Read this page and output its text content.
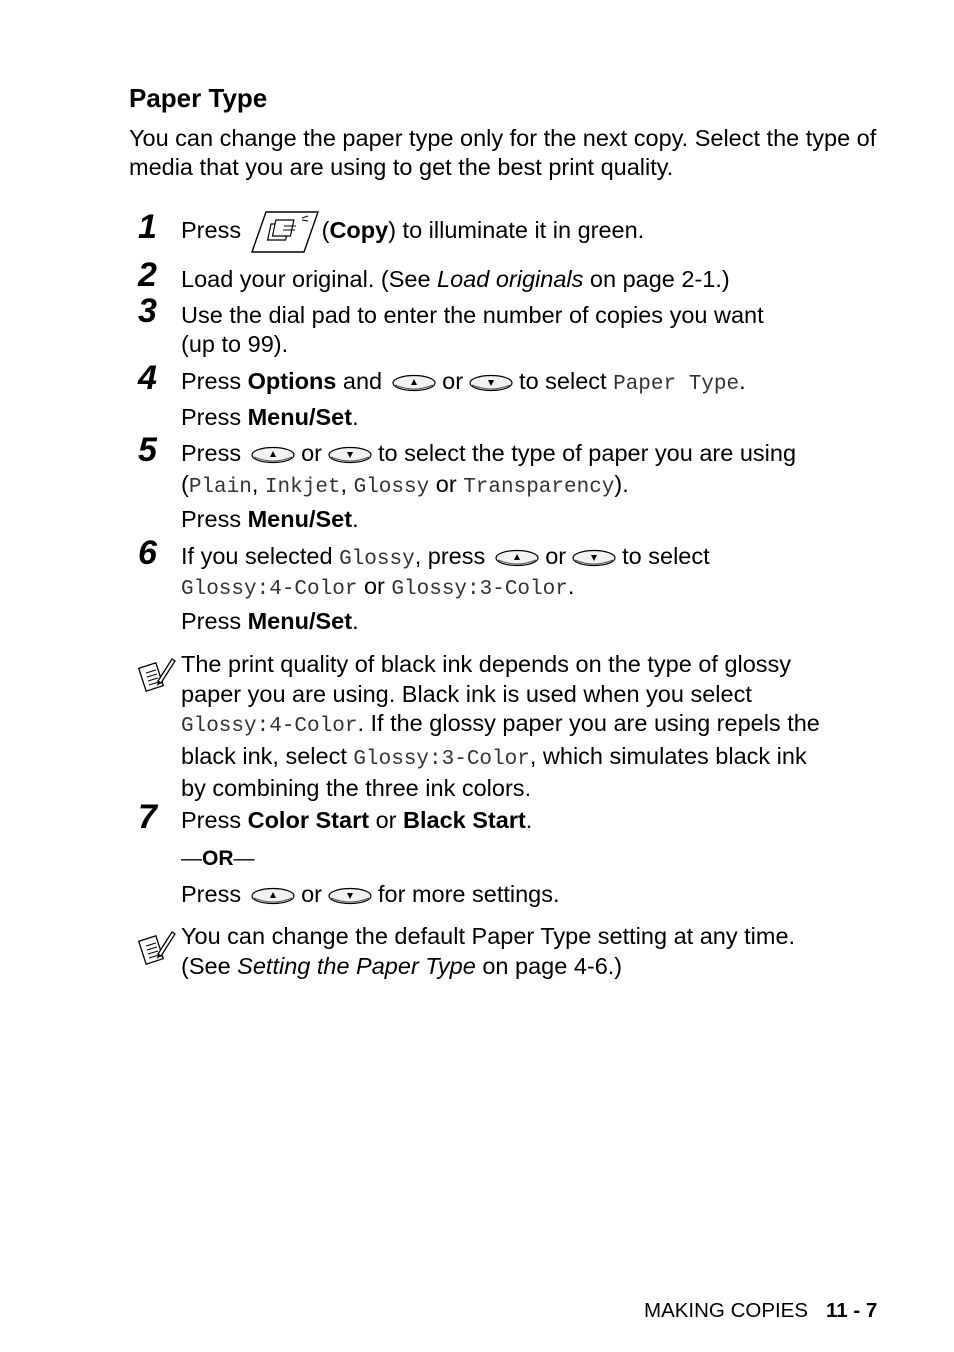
Paper Type
You can change the paper type only for the next copy. Select the type of media that you are using to get the best print quality.
1 Press	(Copy) to illuminate it in green.
2 Load your original. (See Load originals on page 2-1.)
3 Use the dial pad to enter the number of copies you want
(up to 99).
4 Press Options and	or to select Paper Type.
Press Menu/Set.
5 Press	or to select the type of paper you are using
(Plain, Inkjet, Glossy or Transparency).
Press Menu/Set.
6 If you selected Glossy, press	or to select
Glossy:4-Color or Glossy:3-Color.
Press Menu/Set.
The print quality of black ink depends on the type of glossy
paper you are using. Black ink is used when you select
Glossy:4-Color. If the glossy paper you are using repels the
black ink, select Glossy:3-Color, which simulates black ink
by combining the three ink colors.
7 Press Color Start or Black Start.
—OR—
Press	or for more settings.
You can change the default Paper Type setting at any time.
(See Setting the Paper Type on page 4-6.)
MAKING COPIES 11 - 7
